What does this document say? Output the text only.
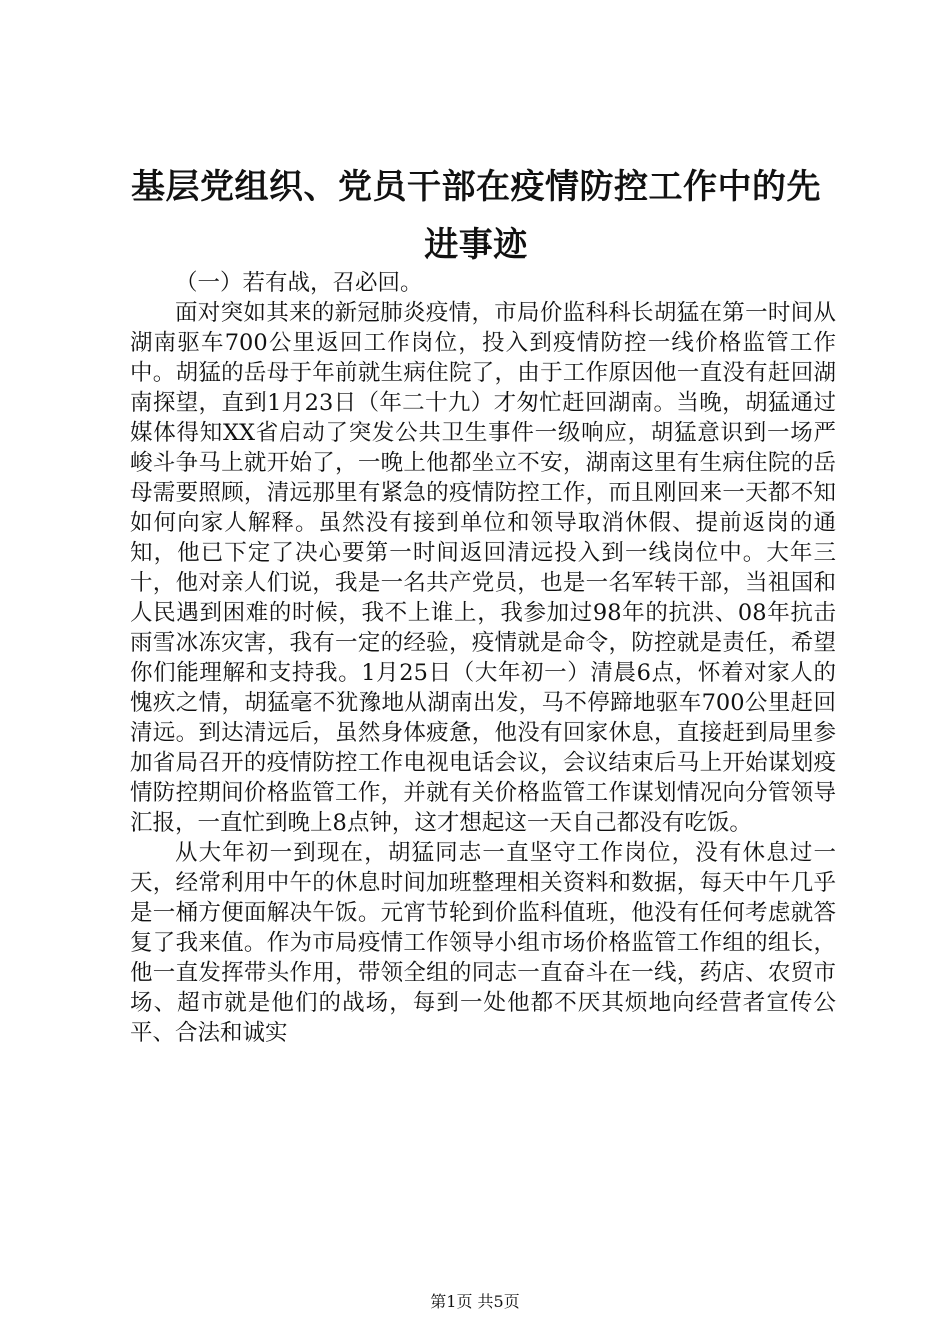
基层党组织、党员干部在疫情防控工作中的先
进事迹

（一）若有战，召必回。

面对突如其来的新冠肺炎疫情，市局价监科科长胡猛在第一时间从湖南驱车700公里返回工作岗位，投入到疫情防控一线价格监管工作中。胡猛的岳母于年前就生病住院了，由于工作原因他一直没有赶回湖南探望，直到1月23日（年二十九）才匆忙赶回湖南。当晚，胡猛通过媒体得知XX省启动了突发公共卫生事件一级响应，胡猛意识到一场严峻斗争马上就开始了，一晚上他都坐立不安，湖南这里有生病住院的岳母需要照顾，清远那里有紧急的疫情防控工作，而且刚回来一天都不知如何向家人解释。虽然没有接到单位和领导取消休假、提前返岗的通知，他已下定了决心要第一时间返回清远投入到一线岗位中。大年三十，他对亲人们说，我是一名共产党员，也是一名军转干部，当祖国和人民遇到困难的时候，我不上谁上，我参加过98年的抗洪、08年抗击雨雪冰冻灾害，我有一定的经验，疫情就是命令，防控就是责任，希望你们能理解和支持我。1月25日（大年初一）清晨6点，怀着对家人的愧疚之情，胡猛毫不犹豫地从湖南出发，马不停蹄地驱车700公里赶回清远。到达清远后，虽然身体疲惫，他没有回家休息，直接赶到局里参加省局召开的疫情防控工作电视电话会议，会议结束后马上开始谋划疫情防控期间价格监管工作，并就有关价格监管工作谋划情况向分管领导汇报，一直忙到晚上8点钟，这才想起这一天自己都没有吃饭。

从大年初一到现在，胡猛同志一直坚守工作岗位，没有休息过一天，经常利用中午的休息时间加班整理相关资料和数据，每天中午几乎是一桶方便面解决午饭。元宵节轮到价监科值班，他没有任何考虑就答复了我来值。作为市局疫情工作领导小组市场价格监管工作组的组长，他一直发挥带头作用，带领全组的同志一直奋斗在一线，药店、农贸市场、超市就是他们的战场，每到一处他都不厌其烦地向经营者宣传公平、合法和诚实

第1页 共5页
